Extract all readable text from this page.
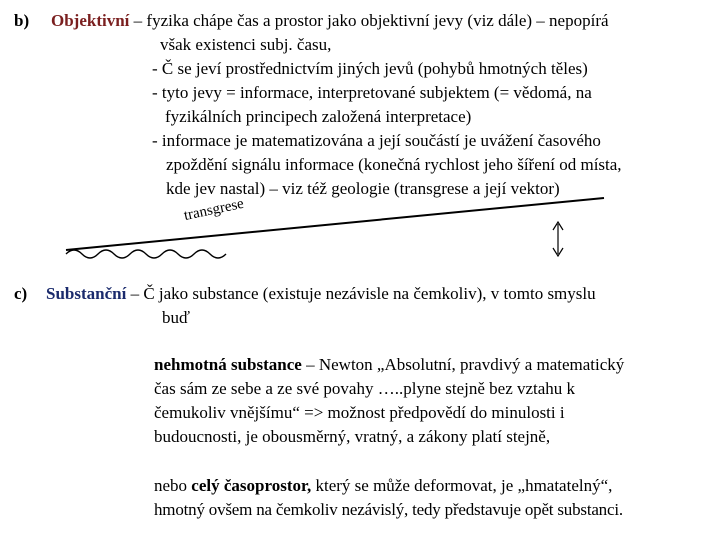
b) Objektivní – fyzika chápe čas a prostor jako objektivní jevy (viz dále) – nepopírá
však existenci subj. času,
- Č se jeví prostřednictvím jiných jevů (pohybů hmotných těles)
- tyto jevy = informace, interpretované subjektem (= vědomá, na
fyzikálních principech založená interpretace)
- informace je matematizována a její součástí je uvážení časového
zpoždění signálu informace (konečná rychlost jeho šíření od místa,
kde jev nastal) – viz též geologie (transgrese a její vektor)
transgrese
c) Substanční – Č jako substance (existuje nezávisle na čemkoliv), v tomto smyslu
buď
nehmotná substance – Newton „Absolutní, pravdivý a matematický
čas sám ze sebe a ze své povahy …..plyne stejně bez vztahu k
čemukoliv vnějšímu“ => možnost předpovědí do minulosti i
budoucnosti, je obousměrný, vratný, a zákony platí stejně,
nebo celý časoprostor, který se může deformovat, je „hmatatelný“,
hmotný ovšem na čemkoliv nezávislý, tedy představuje opět substanci.
